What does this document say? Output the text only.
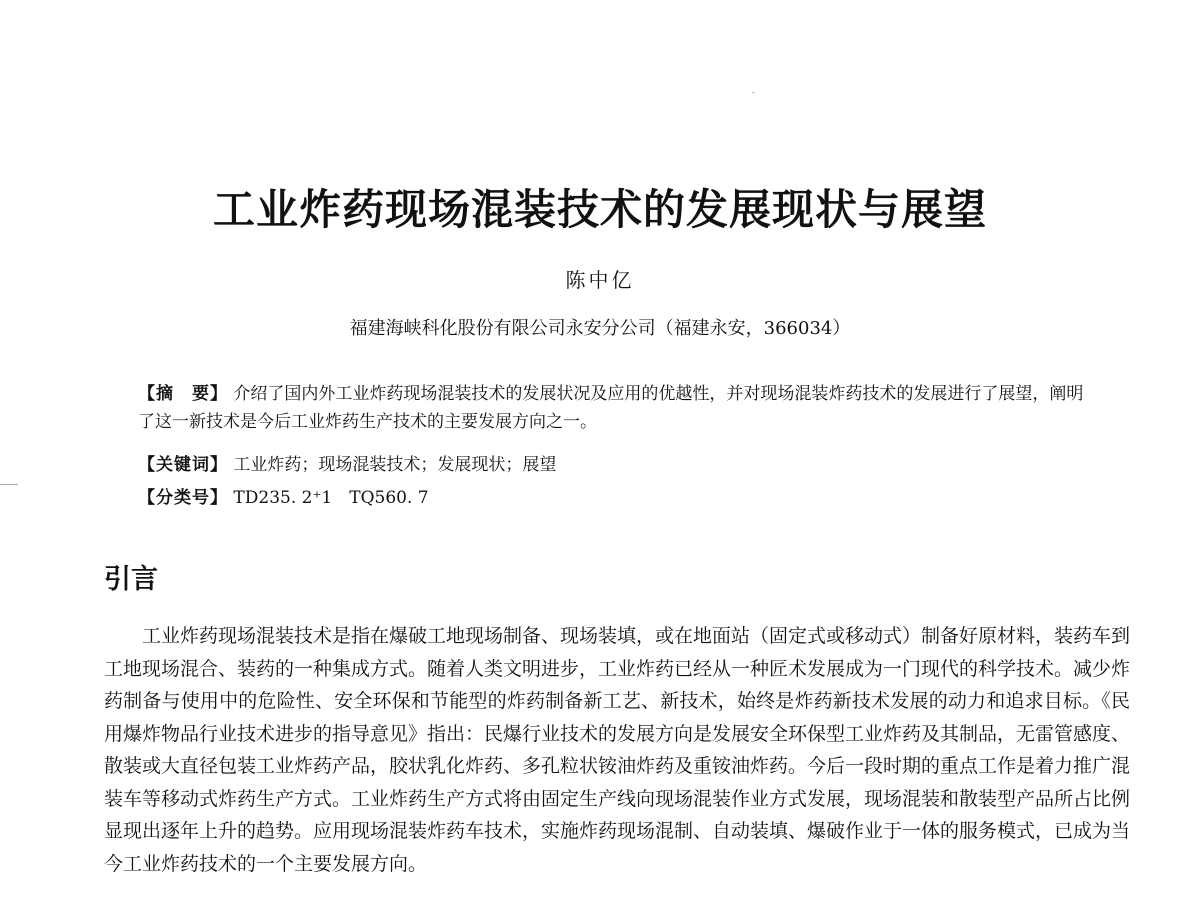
工业炸药现场混装技术的发展现状与展望
陈中亿
福建海峡科化股份有限公司永安分公司（福建永安，366034）
【摘　要】 介绍了国内外工业炸药现场混装技术的发展状况及应用的优越性，并对现场混装炸药技术的发展进行了展望，阐明了这一新技术是今后工业炸药生产技术的主要发展方向之一。
【关键词】 工业炸药；现场混装技术；发展现状；展望
【分类号】 TD235. 2⁺1　TQ560. 7
引言

工业炸药现场混装技术是指在爆破工地现场制备、现场装填，或在地面站（固定式或移动式）制备好原材料，装药车到工地现场混合、装药的一种集成方式。随着人类文明进步，工业炸药已经从一种匠术发展成为一门现代的科学技术。减少炸药制备与使用中的危险性、安全环保和节能型的炸药制备新工艺、新技术，始终是炸药新技术发展的动力和追求目标。《民用爆炸物品行业技术进步的指导意见》指出：民爆行业技术的发展方向是发展安全环保型工业炸药及其制品，无雷管感度、散装或大直径包装工业炸药产品，胶状乳化炸药、多孔粒状铵油炸药及重铵油炸药。今后一段时期的重点工作是着力推广混装车等移动式炸药生产方式。工业炸药生产方式将由固定生产线向现场混装作业方式发展，现场混装和散装型产品所占比例显现出逐年上升的趋势。应用现场混装炸药车技术，实施炸药现场混制、自动装填、爆破作业于一体的服务模式，已成为当今工业炸药技术的一个主要发展方向。
